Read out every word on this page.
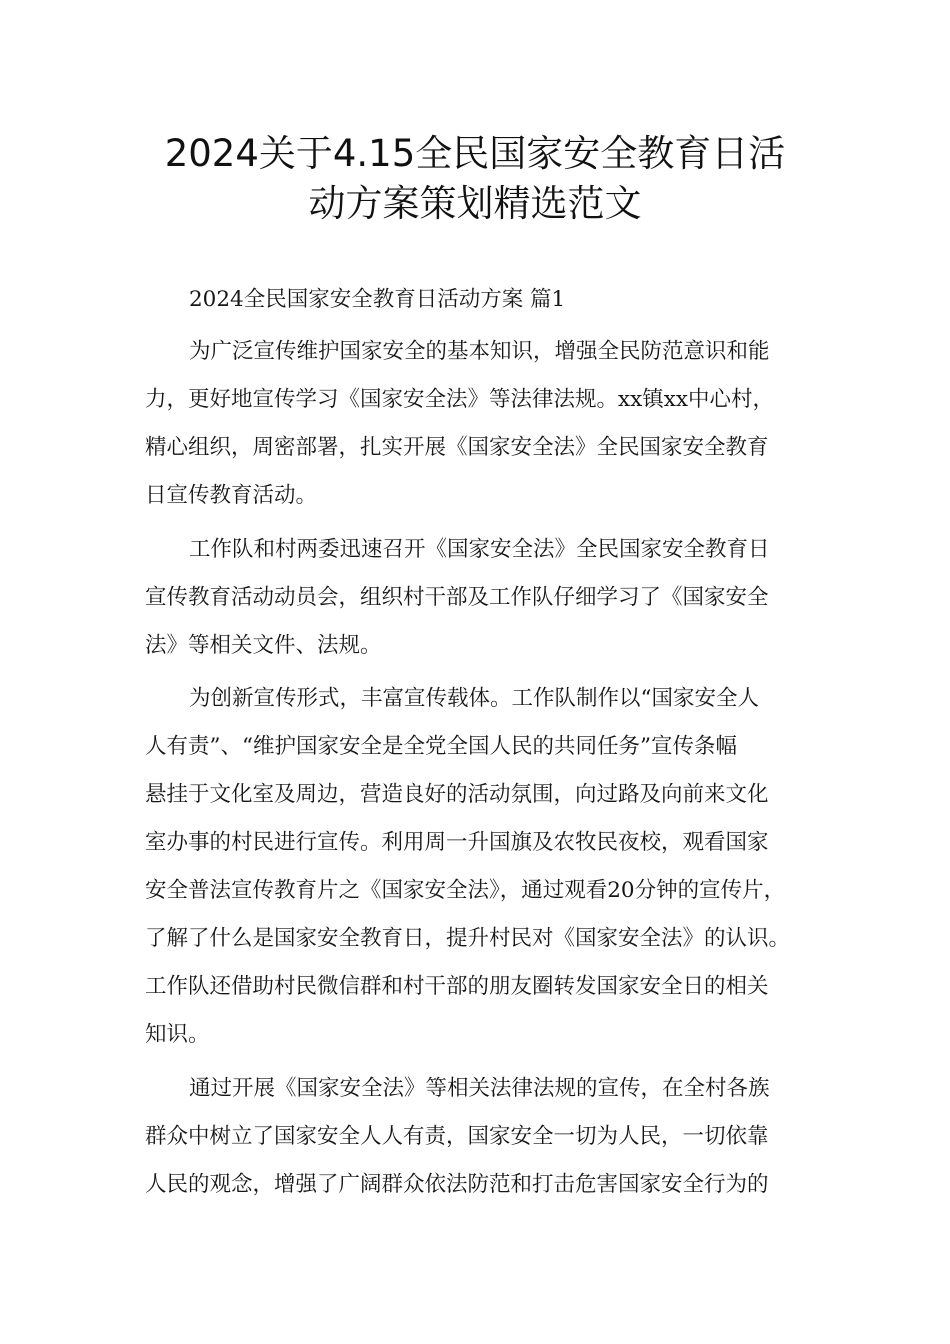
2024关于4.15全民国家安全教育日活
动方案策划精选范文
2024全民国家安全教育日活动方案 篇1
为广泛宣传维护国家安全的基本知识，增强全民防范意识和能
力，更好地宣传学习《国家安全法》等法律法规。xx镇xx中心村，
精心组织，周密部署，扎实开展《国家安全法》全民国家安全教育
日宣传教育活动。
工作队和村两委迅速召开《国家安全法》全民国家安全教育日
宣传教育活动动员会，组织村干部及工作队仔细学习了《国家安全
法》等相关文件、法规。
为创新宣传形式，丰富宣传载体。工作队制作以“国家安全人
人有责”、“维护国家安全是全党全国人民的共同任务”宣传条幅
悬挂于文化室及周边，营造良好的活动氛围，向过路及向前来文化
室办事的村民进行宣传。利用周一升国旗及农牧民夜校，观看国家
安全普法宣传教育片之《国家安全法》，通过观看20分钟的宣传片，
了解了什么是国家安全教育日，提升村民对《国家安全法》的认识。
工作队还借助村民微信群和村干部的朋友圈转发国家安全日的相关
知识。
通过开展《国家安全法》等相关法律法规的宣传，在全村各族
群众中树立了国家安全人人有责，国家安全一切为人民，一切依靠
人民的观念，增强了广阔群众依法防范和打击危害国家安全行为的
